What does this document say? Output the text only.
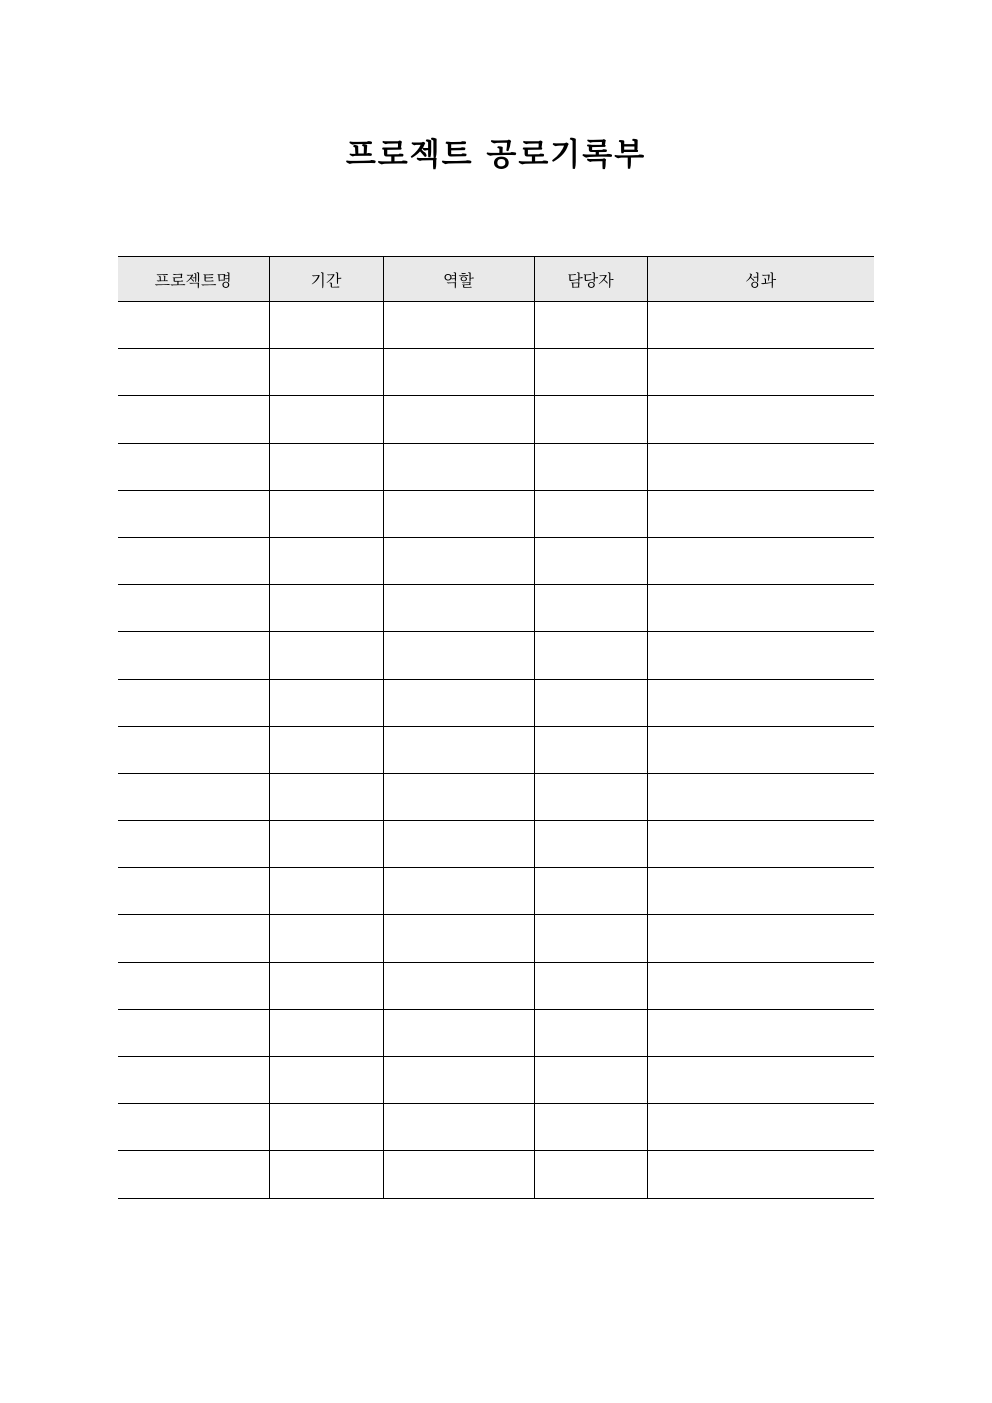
프로젝트 공로기록부
프로젝트명	기간	역할	담당자	성과
